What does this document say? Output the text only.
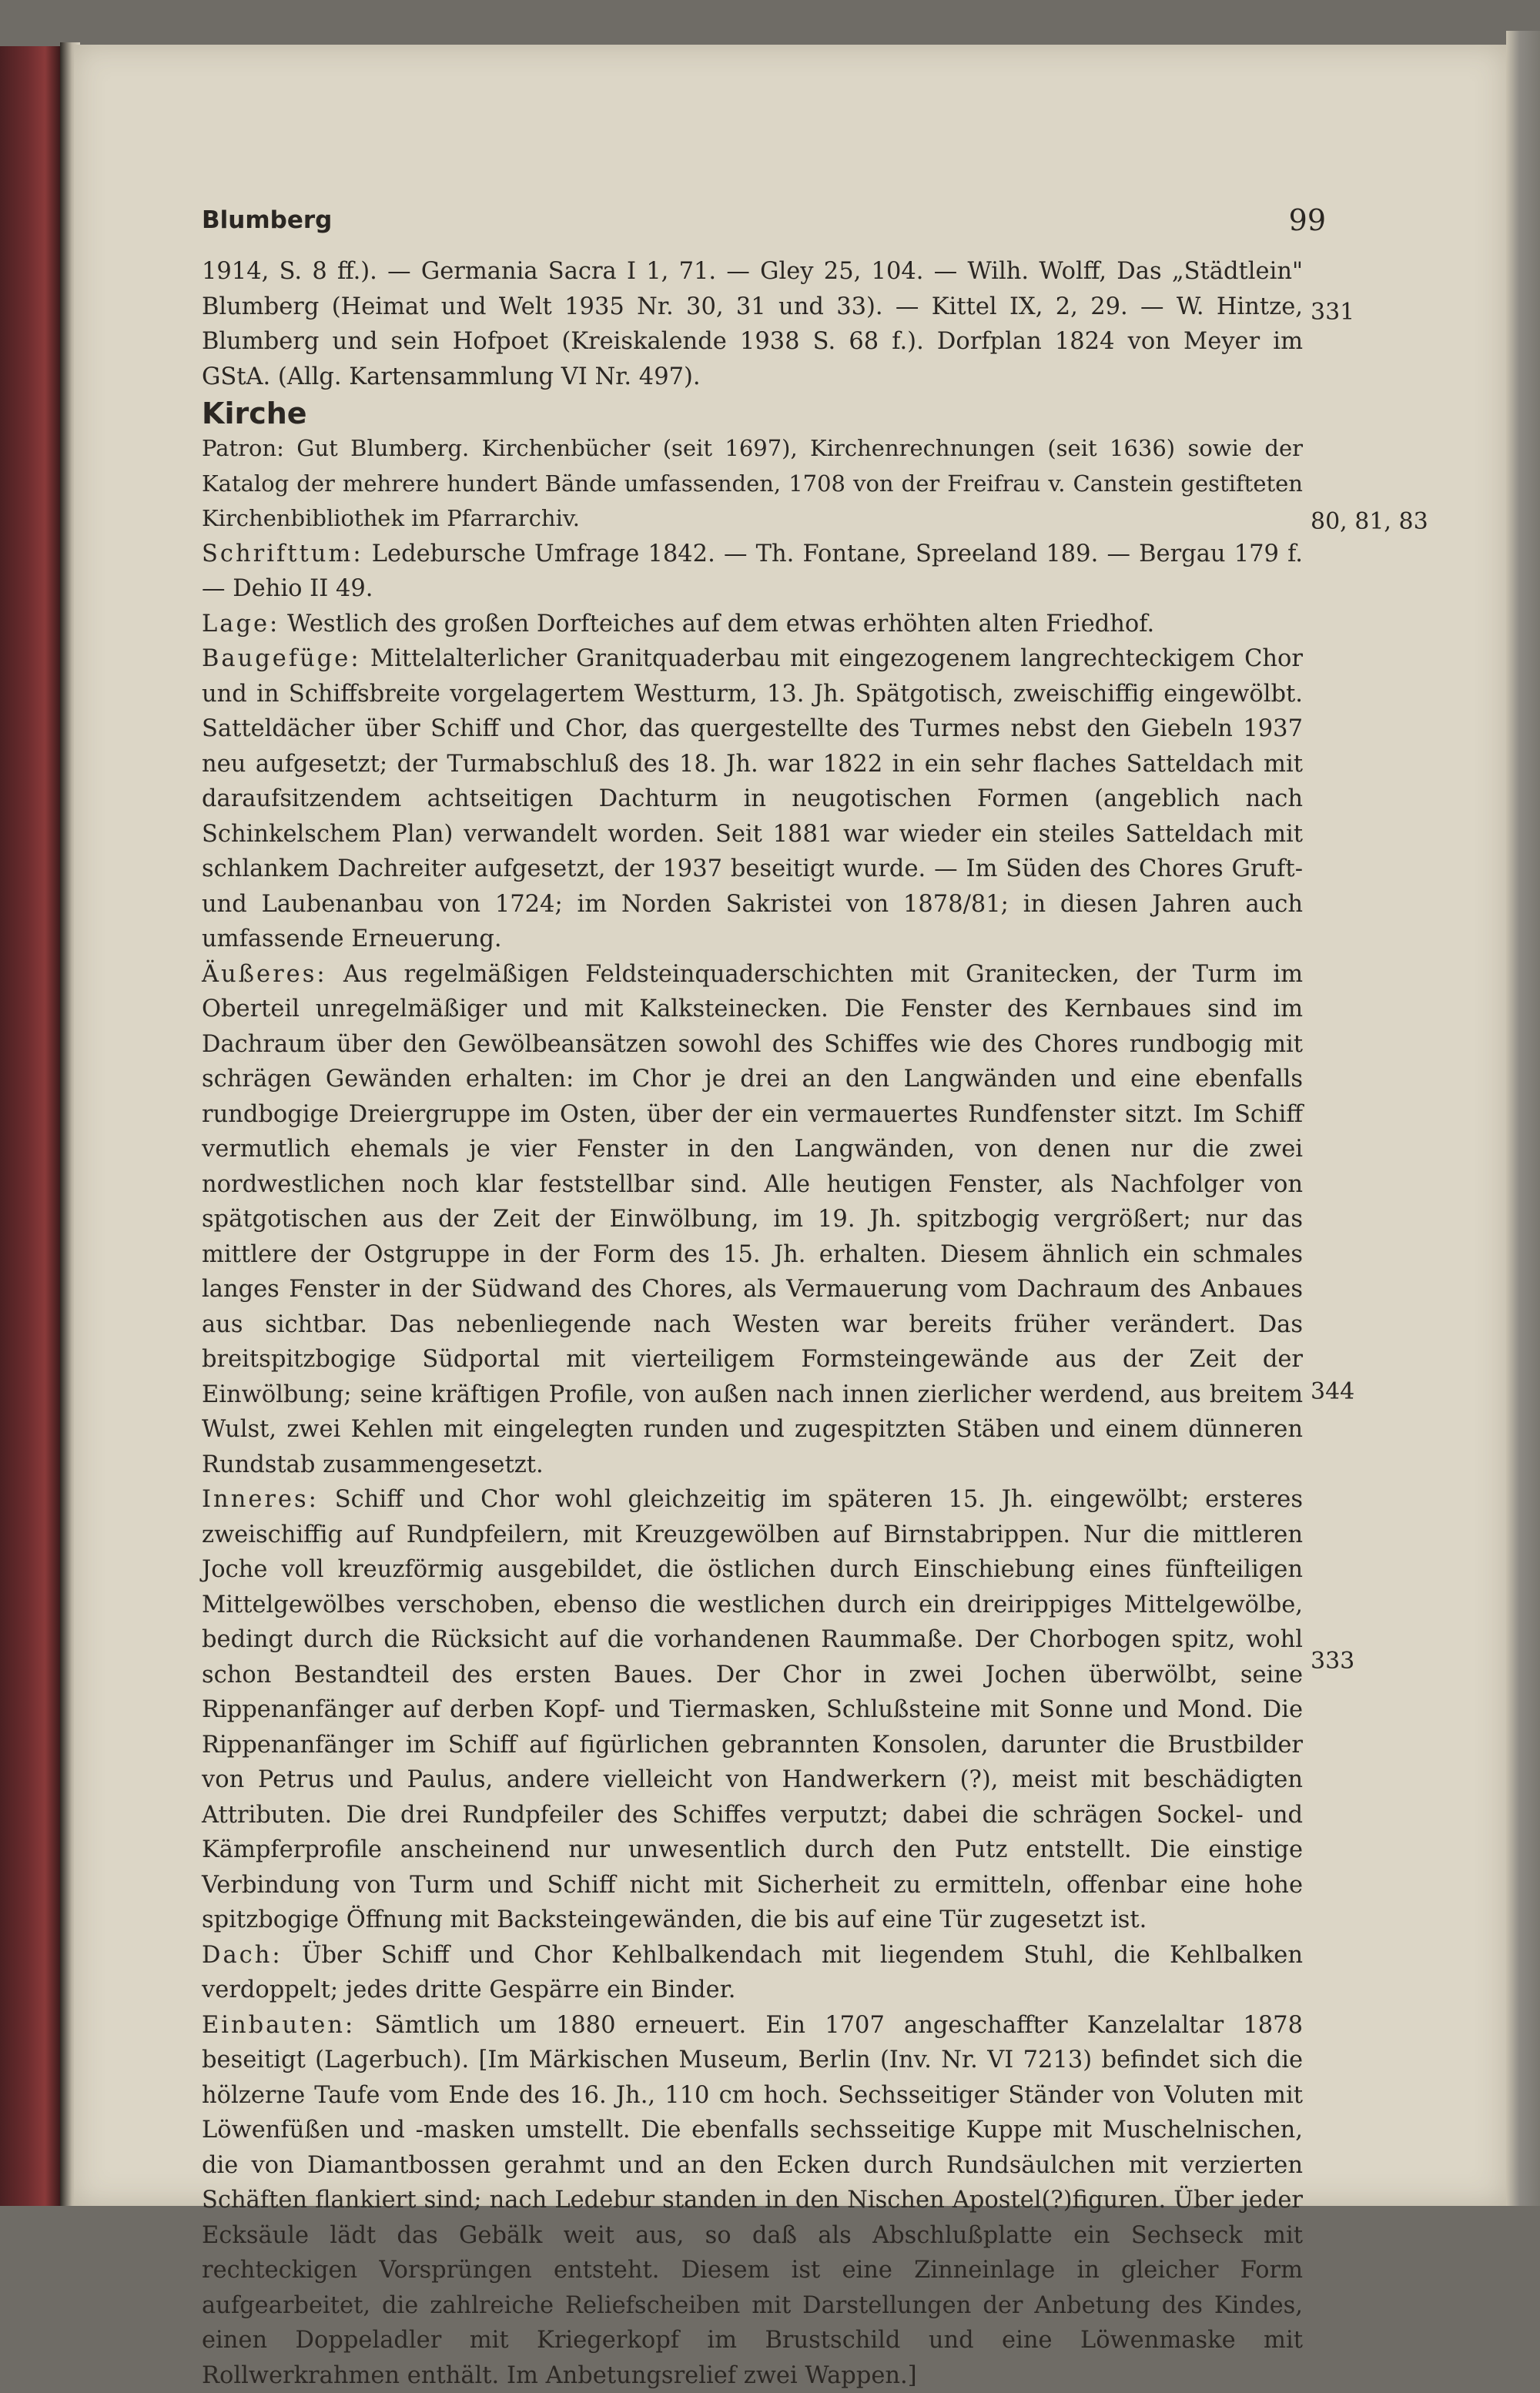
Blumberg	99

1914, S. 8 ff.). — Germania Sacra I 1, 71. — Gley 25, 104. — Wilh. Wolff, Das „Städtlein" Blumberg (Heimat und Welt 1935 Nr. 30, 31 und 33). — Kittel IX, 2, 29. — W. Hintze, Blumberg und sein Hofpoet (Kreiskalende 1938 S. 68 f.). Dorfplan 1824 von Meyer im GStA. (Allg. Kartensammlung VI Nr. 497).

Kirche

Patron: Gut Blumberg. Kirchenbücher (seit 1697), Kirchenrechnungen (seit 1636) sowie der Katalog der mehrere hundert Bände umfassenden, 1708 von der Freifrau v. Canstein gestifteten Kirchenbibliothek im Pfarrarchiv.

Schrifttum: Ledebursche Umfrage 1842. — Th. Fontane, Spreeland 189. — Bergau 179 f. — Dehio II 49.

Lage: Westlich des großen Dorfteiches auf dem etwas erhöhten alten Friedhof.

Baugefüge: Mittelalterlicher Granitquaderbau mit eingezogenem langrechteckigem Chor und in Schiffsbreite vorgelagertem Westturm, 13. Jh. Spätgotisch, zweischiffig eingewölbt. Satteldächer über Schiff und Chor, das quergestellte des Turmes nebst den Giebeln 1937 neu aufgesetzt; der Turmabschluß des 18. Jh. war 1822 in ein sehr flaches Satteldach mit daraufsitzendem achtseitigen Dachturm in neugotischen Formen (angeblich nach Schinkelschem Plan) verwandelt worden. Seit 1881 war wieder ein steiles Satteldach mit schlankem Dachreiter aufgesetzt, der 1937 beseitigt wurde. — Im Süden des Chores Gruft- und Laubenanbau von 1724; im Norden Sakristei von 1878/81; in diesen Jahren auch umfassende Erneuerung.

Äußeres: Aus regelmäßigen Feldsteinquaderschichten mit Granitecken, der Turm im Oberteil unregelmäßiger und mit Kalksteinecken. Die Fenster des Kernbaues sind im Dachraum über den Gewölbeansätzen sowohl des Schiffes wie des Chores rundbogig mit schrägen Gewänden erhalten: im Chor je drei an den Langwänden und eine ebenfalls rundbogige Dreiergruppe im Osten, über der ein vermauertes Rundfenster sitzt. Im Schiff vermutlich ehemals je vier Fenster in den Langwänden, von denen nur die zwei nordwestlichen noch klar feststellbar sind. Alle heutigen Fenster, als Nachfolger von spätgotischen aus der Zeit der Einwölbung, im 19. Jh. spitzbogig vergrößert; nur das mittlere der Ostgruppe in der Form des 15. Jh. erhalten. Diesem ähnlich ein schmales langes Fenster in der Südwand des Chores, als Vermauerung vom Dachraum des Anbaues aus sichtbar. Das nebenliegende nach Westen war bereits früher verändert. Das breitspitzbogige Südportal mit vierteiligem Formsteingewände aus der Zeit der Einwölbung; seine kräftigen Profile, von außen nach innen zierlicher werdend, aus breitem Wulst, zwei Kehlen mit eingelegten runden und zugespitzten Stäben und einem dünneren Rundstab zusammengesetzt.

Inneres: Schiff und Chor wohl gleichzeitig im späteren 15. Jh. eingewölbt; ersteres zweischiffig auf Rundpfeilern, mit Kreuzgewölben auf Birnstabrippen. Nur die mittleren Joche voll kreuzförmig ausgebildet, die östlichen durch Einschiebung eines fünfteiligen Mittelgewölbes verschoben, ebenso die westlichen durch ein dreirippiges Mittelgewölbe, bedingt durch die Rücksicht auf die vorhandenen Raummaße. Der Chorbogen spitz, wohl schon Bestandteil des ersten Baues. Der Chor in zwei Jochen überwölbt, seine Rippenanfänger auf derben Kopf- und Tiermasken, Schlußsteine mit Sonne und Mond. Die Rippenanfänger im Schiff auf figürlichen gebrannten Konsolen, darunter die Brustbilder von Petrus und Paulus, andere vielleicht von Handwerkern (?), meist mit beschädigten Attributen. Die drei Rundpfeiler des Schiffes verputzt; dabei die schrägen Sockel- und Kämpferprofile anscheinend nur unwesentlich durch den Putz entstellt. Die einstige Verbindung von Turm und Schiff nicht mit Sicherheit zu ermitteln, offenbar eine hohe spitzbogige Öffnung mit Backsteingewänden, die bis auf eine Tür zugesetzt ist.

Dach: Über Schiff und Chor Kehlbalkendach mit liegendem Stuhl, die Kehlbalken verdoppelt; jedes dritte Gespärre ein Binder.

Einbauten: Sämtlich um 1880 erneuert. Ein 1707 angeschaffter Kanzelaltar 1878 beseitigt (Lagerbuch). [Im Märkischen Museum, Berlin (Inv. Nr. VI 7213) befindet sich die hölzerne Taufe vom Ende des 16. Jh., 110 cm hoch. Sechsseitiger Ständer von Voluten mit Löwenfüßen und -masken umstellt. Die ebenfalls sechsseitige Kuppe mit Muschelnischen, die von Diamantbossen gerahmt und an den Ecken durch Rundsäulchen mit verzierten Schäften flankiert sind; nach Ledebur standen in den Nischen Apostel(?)figuren. Über jeder Ecksäule lädt das Gebälk weit aus, so daß als Abschlußplatte ein Sechseck mit rechteckigen Vorsprüngen entsteht. Diesem ist eine Zinneinlage in gleicher Form aufgearbeitet, die zahlreiche Reliefscheiben mit Darstellungen der Anbetung des Kindes, einen Doppeladler mit Kriegerkopf im Brustschild und eine Löwenmaske mit Rollwerkrahmen enthält. Im Anbetungsrelief zwei Wappen.]

331
80, 81, 83
344
333
